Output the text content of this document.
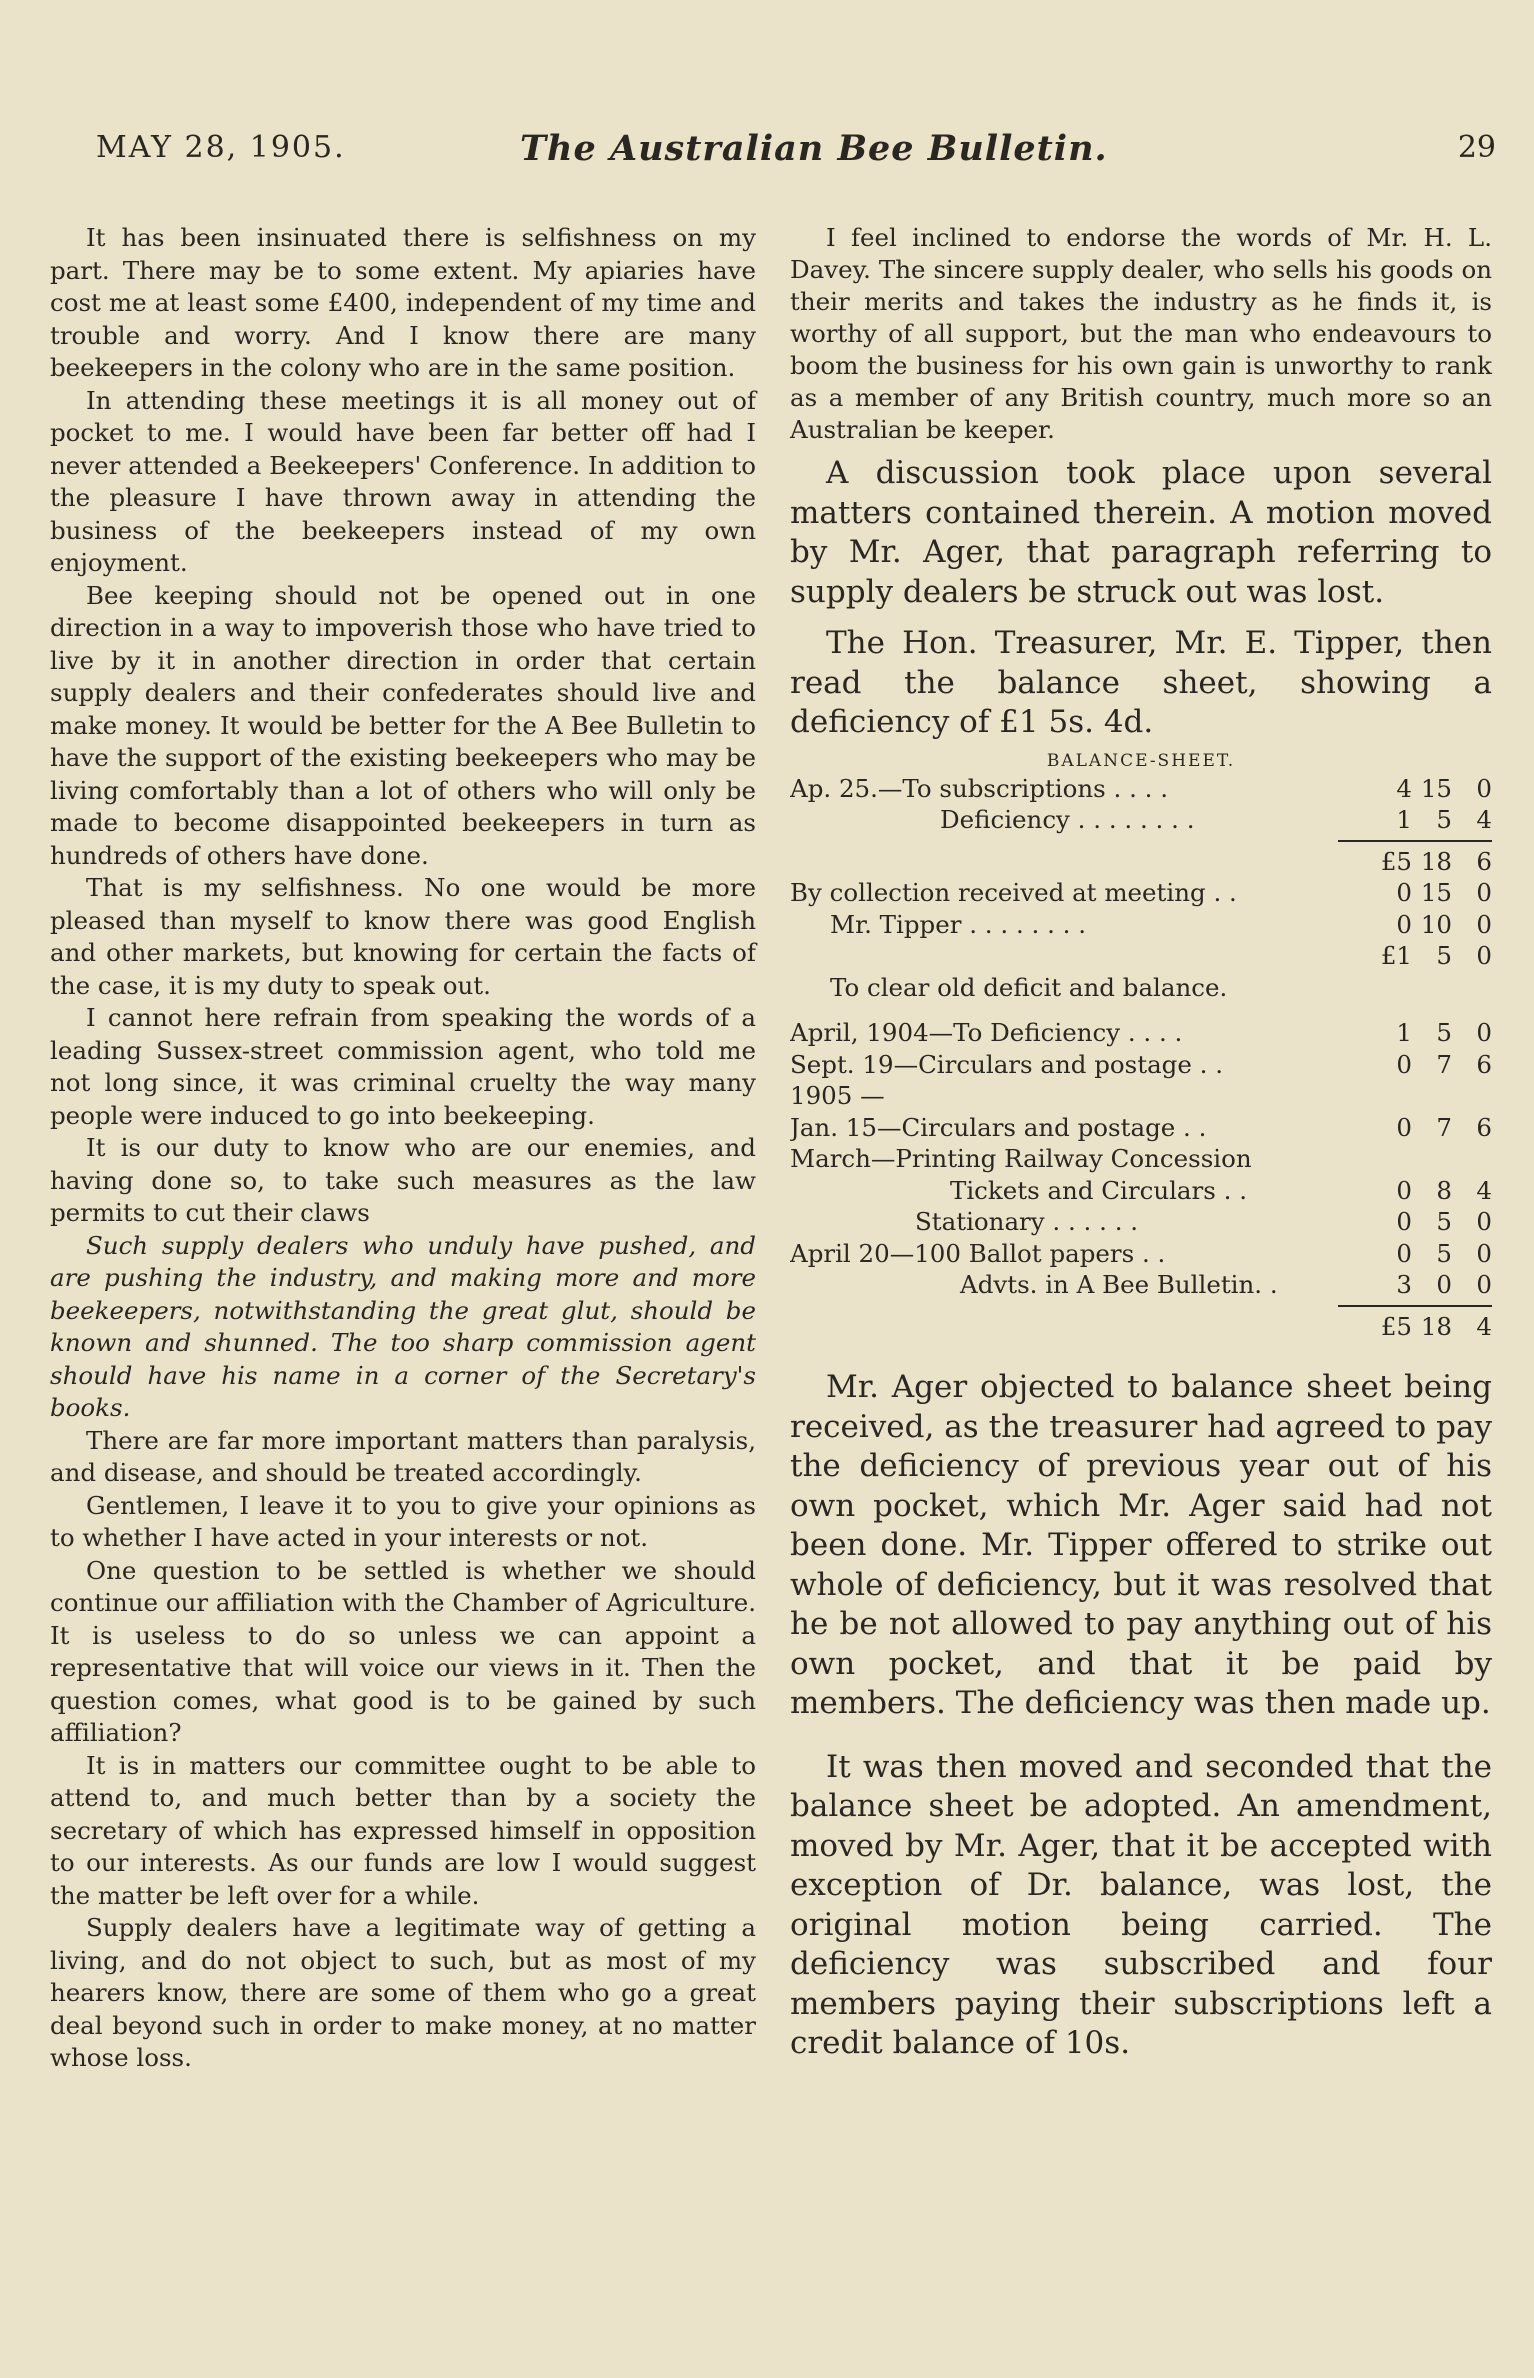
MAY 28, 1905.	The Australian Bee Bulletin.	29

It has been insinuated there is selfishness on my part. There may be to some extent. My apiaries have cost me at least some £400, independent of my time and trouble and worry. And I know there are many beekeepers in the colony who are in the same position.

In attending these meetings it is all money out of pocket to me. I would have been far better off had I never attended a Beekeepers' Conference. In addition to the pleasure I have thrown away in attending the business of the beekeepers instead of my own enjoyment.

Bee keeping should not be opened out in one direction in a way to impoverish those who have tried to live by it in another direction in order that certain supply dealers and their confederates should live and make money. It would be better for the A Bee Bulletin to have the support of the existing beekeepers who may be living comfortably than a lot of others who will only be made to become disappointed beekeepers in turn as hundreds of others have done.

That is my selfishness. No one would be more pleased than myself to know there was good English and other markets, but knowing for certain the facts of the case, it is my duty to speak out.

I cannot here refrain from speaking the words of a leading Sussex-street commission agent, who told me not long since, it was criminal cruelty the way many people were induced to go into beekeeping.

It is our duty to know who are our enemies, and having done so, to take such measures as the law permits to cut their claws

Such supply dealers who unduly have pushed, and are pushing the industry, and making more and more beekeepers, notwithstanding the great glut, should be known and shunned. The too sharp commission agent should have his name in a corner of the Secretary's books.

There are far more important matters than paralysis, and disease, and should be treated accordingly.

Gentlemen, I leave it to you to give your opinions as to whether I have acted in your interests or not.

One question to be settled is whether we should continue our affiliation with the Chamber of Agriculture. It is useless to do so unless we can appoint a representative that will voice our views in it. Then the question comes, what good is to be gained by such affiliation?

It is in matters our committee ought to be able to attend to, and much better than by a society the secretary of which has expressed himself in opposition to our interests. As our funds are low I would suggest the matter be left over for a while.

Supply dealers have a legitimate way of getting a living, and do not object to such, but as most of my hearers know, there are some of them who go a great deal beyond such in order to make money, at no matter whose loss.

I feel inclined to endorse the words of Mr. H. L. Davey. The sincere supply dealer, who sells his goods on their merits and takes the industry as he finds it, is worthy of all support, but the man who endeavours to boom the business for his own gain is unworthy to rank as a member of any British country, much more so an Australian be keeper.

A discussion took place upon several matters contained therein. A motion moved by Mr. Ager, that paragraph referring to supply dealers be struck out was lost.

The Hon. Treasurer, Mr. E. Tipper, then read the balance sheet, showing a deficiency of £1 5s. 4d.

BALANCE-SHEET.
Ap. 25.—To subscriptions . . . .	4 15 0
Deficiency . . . . . . . .	1 5 4
£5 18 6
By collection received at meeting . .	0 15 0
Mr. Tipper . . . . . . . .	0 10 0
£1 5 0
To clear old deficit and balance.
April, 1904—To Deficiency . . . .	1 5 0
Sept. 19—Circulars and postage . .	0 7 6
1905 —
Jan. 15—Circulars and postage . .	0 7 6
March—Printing Railway Concession
Tickets and Circulars . .	0 8 4
Stationary . . . . . .	0 5 0
April 20—100 Ballot papers . .	0 5 0
Advts. in A Bee Bulletin. .	3 0 0
£5 18 4

Mr. Ager objected to balance sheet being received, as the treasurer had agreed to pay the deficiency of previous year out of his own pocket, which Mr. Ager said had not been done. Mr. Tipper offered to strike out whole of deficiency, but it was resolved that he be not allowed to pay anything out of his own pocket, and that it be paid by members. The deficiency was then made up.

It was then moved and seconded that the balance sheet be adopted. An amendment, moved by Mr. Ager, that it be accepted with exception of Dr. balance, was lost, the original motion being carried. The deficiency was subscribed and four members paying their subscriptions left a credit balance of 10s.
